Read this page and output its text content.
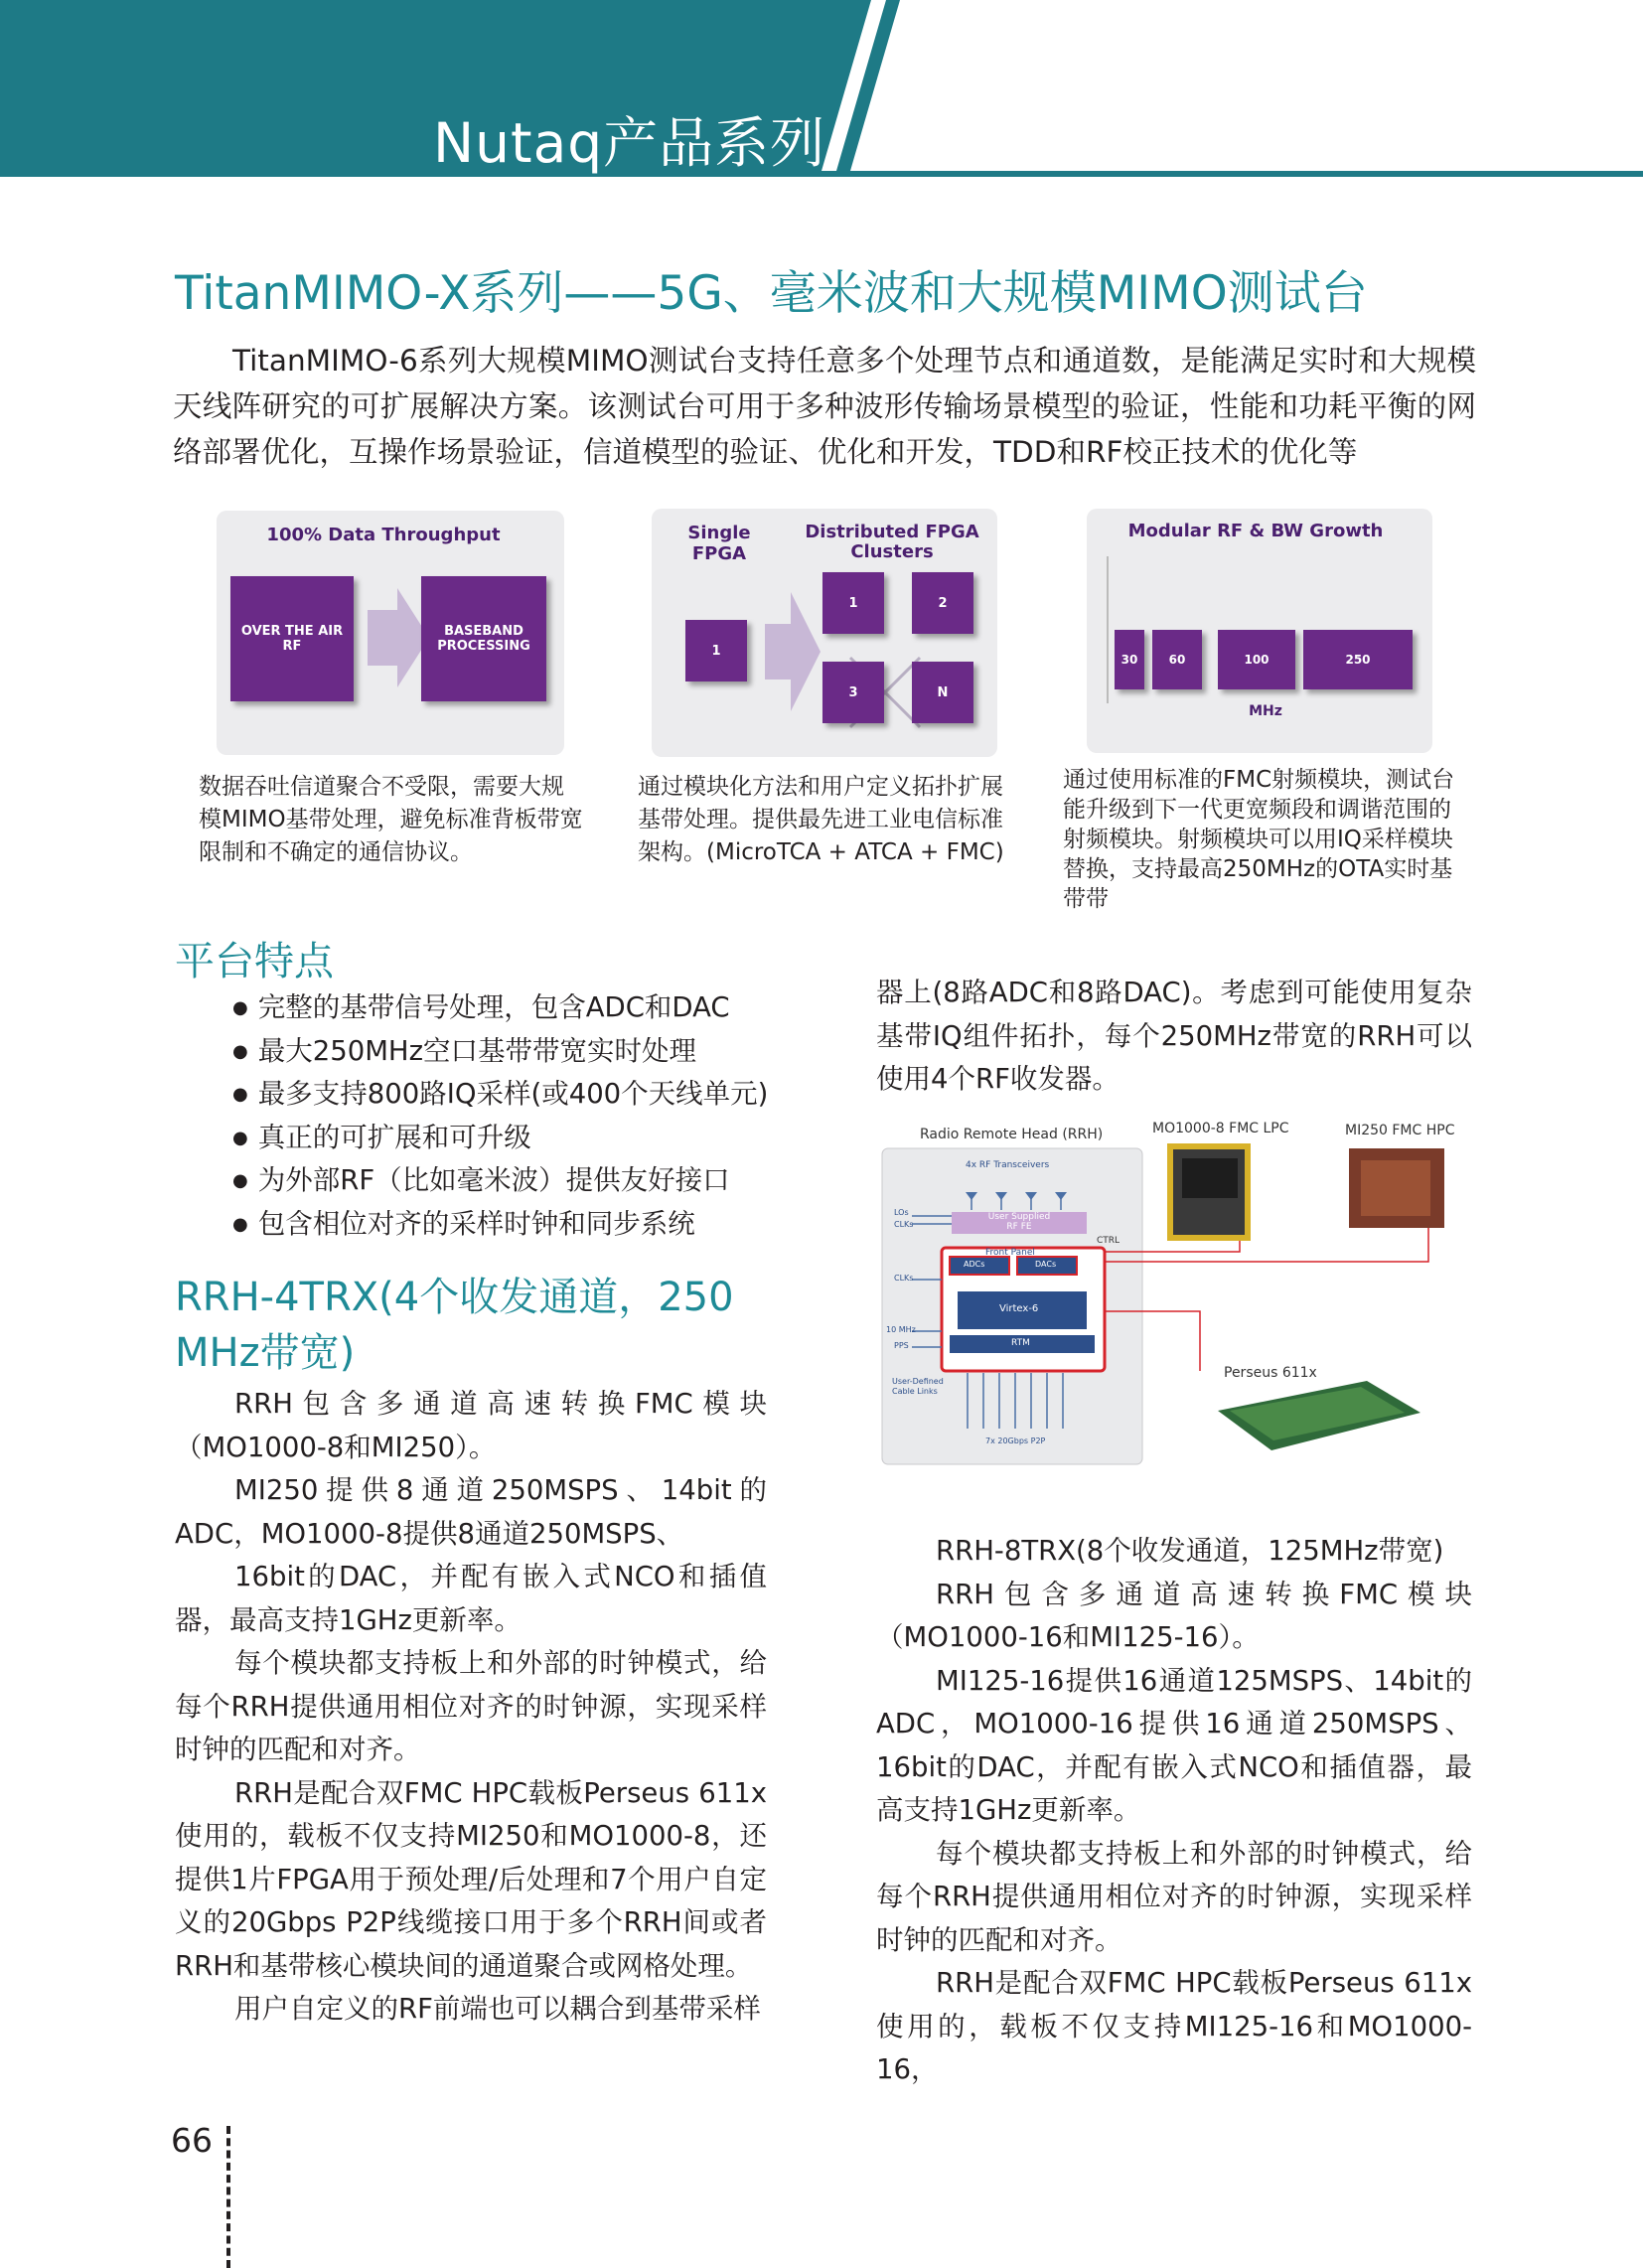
Nutaq产品系列
TitanMIMO-X系列——5G、毫米波和大规模MIMO测试台

TitanMIMO-6系列大规模MIMO测试台支持任意多个处理节点和通道数，是能满足实时和大规模天线阵研究的可扩展解决方案。该测试台可用于多种波形传输场景模型的验证，性能和功耗平衡的网络部署优化，互操作场景验证，信道模型的验证、优化和开发，TDD和RF校正技术的优化等

100% Data Throughput
OVER THE AIR RF
BASEBAND PROCESSING
数据吞吐信道聚合不受限，需要大规模MIMO基带处理，避免标准背板带宽限制和不确定的通信协议。
Single FPGA
Distributed FPGA Clusters
1
1	2
3	N
通过模块化方法和用户定义拓扑扩展基带处理。提供最先进工业电信标准架构。(MicroTCA + ATCA + FMC)
Modular RF & BW Growth
30	60	100	250
MHz
通过使用标准的FMC射频模块，测试台能升级到下一代更宽频段和调谐范围的射频模块。射频模块可以用IQ采样模块替换，支持最高250MHz的OTA实时基带带
平台特点
● 完整的基带信号处理，包含ADC和DAC
● 最大250MHz空口基带带宽实时处理
● 最多支持800路IQ采样(或400个天线单元)
● 真正的可扩展和可升级
● 为外部RF（比如毫米波）提供友好接口
● 包含相位对齐的采样时钟和同步系统
RRH-4TRX(4个收发通道，250
MHz带宽)

RRH包含多通道高速转换FMC模块（MO1000-8和MI250）。

MI250提供8通道250MSPS、14bit的ADC，MO1000-8提供8通道250MSPS、

16bit的DAC，并配有嵌入式NCO和插值器，最高支持1GHz更新率。

每个模块都支持板上和外部的时钟模式，给每个RRH提供通用相位对齐的时钟源，实现采样时钟的匹配和对齐。

RRH是配合双FMC HPC载板Perseus 611x使用的，载板不仅支持MI250和MO1000-8，还提供1片FPGA用于预处理/后处理和7个用户自定义的20Gbps P2P线缆接口用于多个RRH间或者RRH和基带核心模块间的通道聚合或网格处理。

用户自定义的RF前端也可以耦合到基带采样

器上(8路ADC和8路DAC)。考虑到可能使用复杂基带IQ组件拓扑，每个250MHz带宽的RRH可以使用4个RF收发器。

Radio Remote Head (RRH)	MO1000-8 FMC LPC	MI250 FMC HPC
Perseus 611x
4x RF Transceivers
User Supplied
RF FE
Front Panel
ADCs	DACs
Virtex-6
RTM
LOs
CLKs
CLKs
10 MHz
PPS
CTRL
User-Defined Cable Links
7x 20Gbps P2P

RRH-8TRX(8个收发通道，125MHz带宽)

RRH包含多通道高速转换FMC模块（MO1000-16和MI125-16）。

MI125-16提供16通道125MSPS、14bit的ADC，MO1000-16提供16通道250MSPS、16bit的DAC，并配有嵌入式NCO和插值器，最高支持1GHz更新率。

每个模块都支持板上和外部的时钟模式，给每个RRH提供通用相位对齐的时钟源，实现采样时钟的匹配和对齐。

RRH是配合双FMC HPC载板Perseus 611x使用的，载板不仅支持MI125-16和MO1000-16，

66
